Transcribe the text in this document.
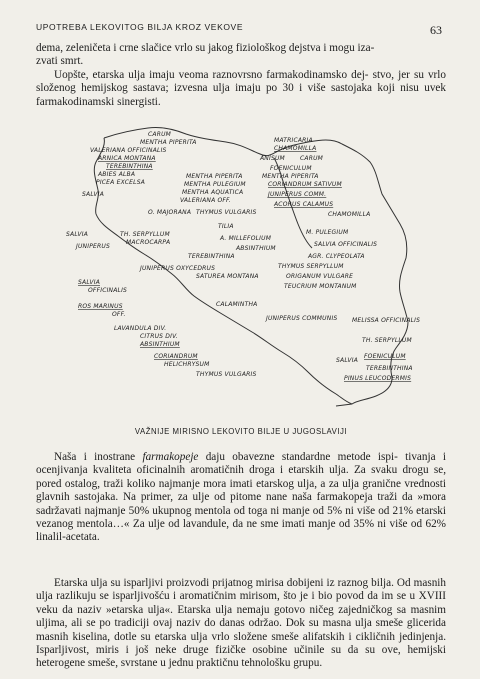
UPOTREBA LEKOVITOG BILJA KROZ VEKOVE	63

dema, zeleničeta i crne slačice vrlo su jakog fiziološkog dejstva i mogu iza-

zvati smrt.

Uopšte, etarska ulja imaju veoma raznovrsno farmakodinamsko dej- stvo, jer su vrlo složenog hemijskog sastava; izvesna ulja imaju po 30 i više sastojaka koji nisu uvek farmakodinamski sinergisti.

CARUM
MENTHA PIPERITA
VALERIANA OFFICINALIS
ARNICA MONTANA
TEREBINTHINA
ABIES ALBA
PICEA EXCELSA
SALVIA
MENTHA PIPERITA
MENTHA PULEGIUM
MENTHA AQUATICA
VALERIANA OFF.
O. MAJORANA THYMUS VULGARIS
MATRICARIA
CHAMOMILLA
ANISUM	CARUM
FOENICULUM
MENTHA PIPERITA
CORIANDRUM SATIVUM
JUNIPERUS COMM.
ACORUS CALAMUS
CHAMOMILLA
TILIA
SALVIA	TH. SERPYLLUM
A. MILLEFOLIUM
M. PULEGIUM
JUNIPERUS
MACROCARPA
ABSINTHIUM
SALVIA OFFICINALIS
TEREBINTHINA	AGR. CLYPEOLATA
JUNIPERUS OXYCEDRUS
SATUREA MONTANA
THYMUS SERPYLLUM
ORIGANUM VULGARE
SALVIA
OFFICINALIS
TEUCRIUM MONTANUM
ROS MARINUS
OFF.
CALAMINTHA
JUNIPERUS COMMUNIS
LAVANDULA DIV.
CITRUS DIV.
ABSINTHIUM
CORIANDRUM
HELICHRYSUM
THYMUS VULGARIS
MELISSA OFFICINALIS
TH. SERPYLLUM
SALVIA
FOENICULUM
TEREBINTHINA
PINUS LEUCODERMIS
VAŽNIJE MIRISNO LEKOVITO BILJE U JUGOSLAVIJI

Naša i inostrane farmakopeje daju obavezne standardne metode ispi- tivanja i ocenjivanja kvaliteta oficinalnih aromatičnih droga i etarskih ulja. Za svaku drogu se, pored ostalog, traži koliko najmanje mora imati etarskog ulja, a za ulja granične vrednosti glavnih sastojaka. Na primer, za ulje od pitome nane naša farmakopeja traži da »mora sadržavati najmanje 50% ukupnog mentola od toga ni manje od 5% ni više od 21% etarski vezanog mentola…« Za ulje od lavandule, da ne sme imati manje od 35% ni više od 62% linalil-acetata.

Etarska ulja su isparljivi proizvodi prijatnog mirisa dobijeni iz raznog bilja. Od masnih ulja razlikuju se isparljivošću i aromatičnim mirisom, što je i bio povod da im se u XVIII veku da naziv »etarska ulja«. Etarska ulja nemaju gotovo ničeg zajedničkog sa masnim uljima, ali se po tradiciji ovaj naziv do danas održao. Dok su masna ulja smeše glicerida masnih kiselina, dotle su etarska ulja vrlo složene smeše alifatskih i cikličnih jedinjenja. Isparljivost, miris i još neke druge fizičke osobine učinile su da su ove, hemijski heterogene smeše, svrstane u jednu praktičnu tehnološku grupu.
